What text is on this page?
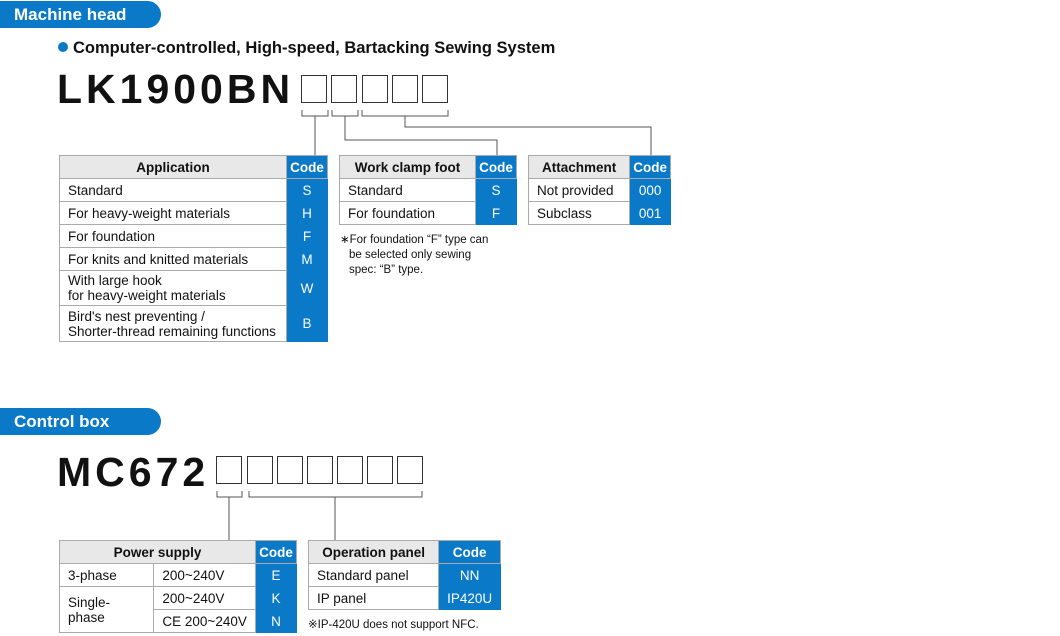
Machine head
Computer-controlled, High-speed, Bartacking Sewing System
LK1900BN
Application	Code
Standard	S
For heavy-weight materials	H
For foundation	F
For knits and knitted materials	M

With large hook
for heavy-weight materials	W

Bird's nest preventing /
Shorter-thread remaining functions	B
Work clamp foot	Code
Standard	S
For foundation	F
∗For foundation “F” type can
be selected only sewing
spec: “B” type.
Attachment	Code
Not provided	000
Subclass	001
Control box
MC672
Power supply		Code
3-phase	200~240V	E
Single-phase	200~240V	K
	CE 200~240V	N
Operation panel	Code
Standard panel	NN
IP panel	IP420U
※IP-420U does not support NFC.
